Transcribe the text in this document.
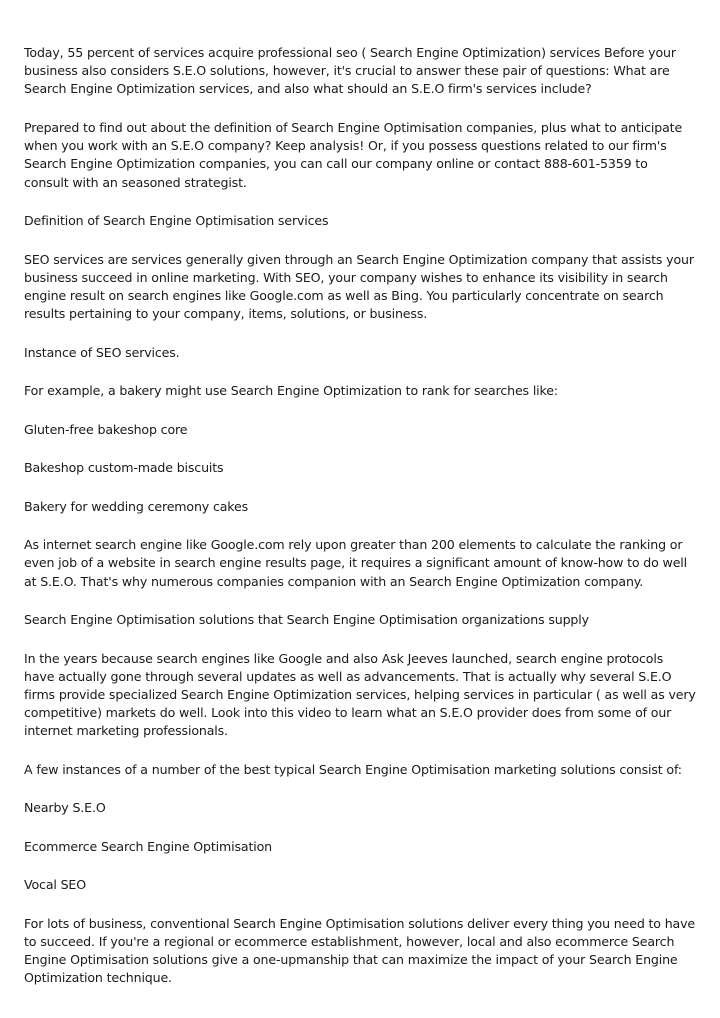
Today, 55 percent of services acquire professional seo ( Search Engine Optimization) services Before your business also considers S.E.O solutions, however, it's crucial to answer these pair of questions: What are Search Engine Optimization services, and also what should an S.E.O firm's services include?

Prepared to find out about the definition of Search Engine Optimisation companies, plus what to anticipate when you work with an S.E.O company? Keep analysis! Or, if you possess questions related to our firm's Search Engine Optimization companies, you can call our company online or contact 888-601-5359 to consult with an seasoned strategist.

Definition of Search Engine Optimisation services

SEO services are services generally given through an Search Engine Optimization company that assists your business succeed in online marketing. With SEO, your company wishes to enhance its visibility in search engine result on search engines like Google.com as well as Bing. You particularly concentrate on search results pertaining to your company, items, solutions, or business.

Instance of SEO services.

For example, a bakery might use Search Engine Optimization to rank for searches like:

Gluten-free bakeshop core

Bakeshop custom-made biscuits

Bakery for wedding ceremony cakes

As internet search engine like Google.com rely upon greater than 200 elements to calculate the ranking or even job of a website in search engine results page, it requires a significant amount of know-how to do well at S.E.O. That's why numerous companies companion with an Search Engine Optimization company.

Search Engine Optimisation solutions that Search Engine Optimisation organizations supply

In the years because search engines like Google and also Ask Jeeves launched, search engine protocols have actually gone through several updates as well as advancements. That is actually why several S.E.O firms provide specialized Search Engine Optimization services, helping services in particular ( as well as very competitive) markets do well. Look into this video to learn what an S.E.O provider does from some of our internet marketing professionals.

A few instances of a number of the best typical Search Engine Optimisation marketing solutions consist of:

Nearby S.E.O

Ecommerce Search Engine Optimisation

Vocal SEO

For lots of business, conventional Search Engine Optimisation solutions deliver every thing you need to have to succeed. If you're a regional or ecommerce establishment, however, local and also ecommerce Search Engine Optimisation solutions give a one-upmanship that can maximize the impact of your Search Engine Optimization technique.
